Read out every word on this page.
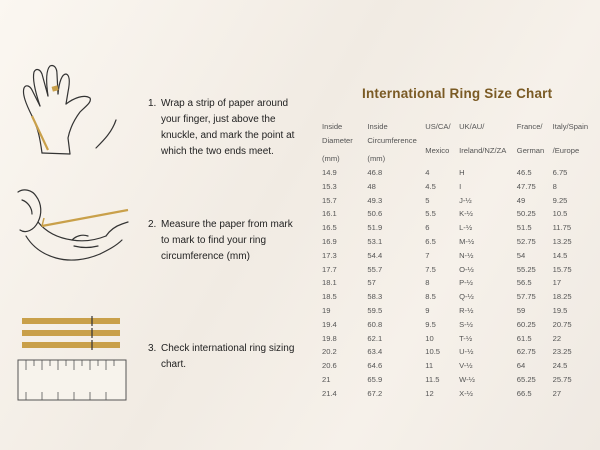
1. Wrap a strip of paper around your finger, just above the knuckle, and mark the point at which the two ends meet.
2. Measure the paper from mark to mark to find your ring circumference (mm)
3. Check international ring sizing chart.
International Ring Size Chart
Inside
Diameter
(mm)	Inside
Circumference
(mm)	US/CA/
Mexico	UK/AU/
Ireland/NZ/ZA	France/
German	Italy/Spain
/Europe

14.9	46.8	4	H	46.5	6.75
15.3	48	4.5	I	47.75	8
15.7	49.3	5	J-½	49	9.25
16.1	50.6	5.5	K-½	50.25	10.5
16.5	51.9	6	L-½	51.5	11.75
16.9	53.1	6.5	M-½	52.75	13.25
17.3	54.4	7	N-½	54	14.5
17.7	55.7	7.5	O-½	55.25	15.75
18.1	57	8	P-½	56.5	17
18.5	58.3	8.5	Q-½	57.75	18.25
19	59.5	9	R-½	59	19.5
19.4	60.8	9.5	S-½	60.25	20.75
19.8	62.1	10	T-½	61.5	22
20.2	63.4	10.5	U-½	62.75	23.25
20.6	64.6	11	V-½	64	24.5
21	65.9	11.5	W-½	65.25	25.75
21.4	67.2	12	X-½	66.5	27
